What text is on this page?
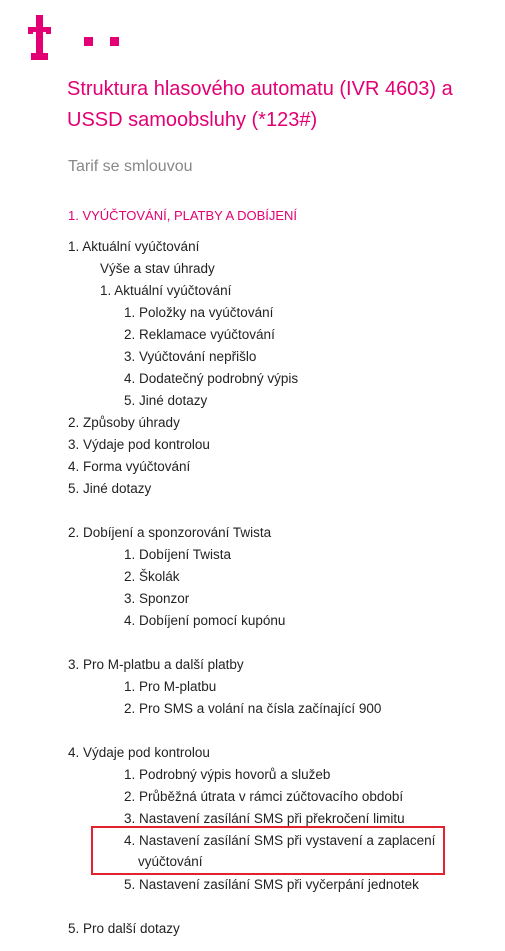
Struktura hlasového automatu (IVR 4603) a USSD samoobsluhy (*123#)
Tarif se smlouvou
1. VYÚČTOVÁNÍ, PLATBY A DOBÍJENÍ
1. Aktuální vyúčtování
Výše a stav úhrady
1. Aktuální vyúčtování
1. Položky na vyúčtování
2. Reklamace vyúčtování
3. Vyúčtování nepřišlo
4. Dodatečný podrobný výpis
5. Jiné dotazy
2. Způsoby úhrady
3. Výdaje pod kontrolou
4. Forma vyúčtování
5. Jiné dotazy
2. Dobíjení a sponzorování Twista
1. Dobíjení Twista
2. Školák
3. Sponzor
4. Dobíjení pomocí kupónu
3. Pro M-platbu a další platby
1. Pro M-platbu
2. Pro SMS a volání na čísla začínající 900
4. Výdaje pod kontrolou
1. Podrobný výpis hovorů a služeb
2. Průběžná útrata v rámci zúčtovacího období
3. Nastavení zasílání SMS při překročení limitu
4. Nastavení zasílání SMS při vystavení a zaplacení
vyúčtování
5. Nastavení zasílání SMS při vyčerpání jednotek
5. Pro další dotazy
